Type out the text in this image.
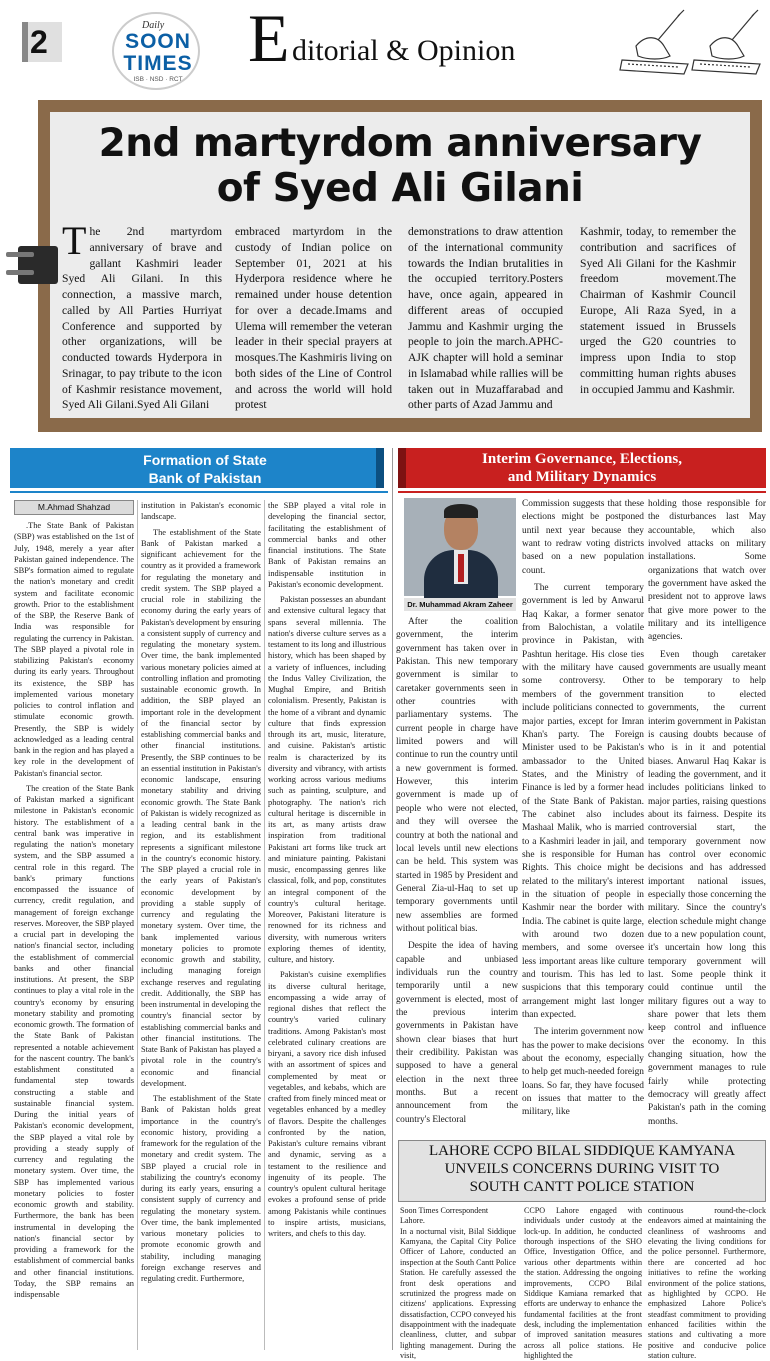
2	Daily
SOON
TIMES
ISB · NSD · RCT
E ditorial & Opinion
2nd martyrdom anniversary
of Syed Ali Gilani
T he 2nd martyrdom anniversary of brave and gallant Kashmiri leader Syed Ali Gilani. In this connection, a massive march, called by All Parties Hurriyat Conference and supported by other organizations, will be conducted towards Hyderpora in Srinagar, to pay tribute to the icon of Kashmir resistance movement, Syed Ali Gilani.Syed Ali Gilani

embraced martyrdom in the custody of Indian police on September 01, 2021 at his Hyderpora residence where he remained under house detention for over a decade.Imams and Ulema will remember the veteran leader in their special prayers at mosques.The Kashmiris living on both sides of the Line of Control and across the world will hold protest

demonstrations to draw attention of the international community towards the Indian brutalities in the occupied territory.Posters have, once again, appeared in different areas of occupied Jammu and Kashmir urging the people to join the march.APHC-AJK chapter will hold a seminar in Islamabad while rallies will be taken out in Muzaffarabad and other parts of Azad Jammu and

Kashmir, today, to remember the contribution and sacrifices of Syed Ali Gilani for the Kashmir freedom movement.The Chairman of Kashmir Council Europe, Ali Raza Syed, in a statement issued in Brussels urged the G20 countries to impress upon India to stop committing human rights abuses in occupied Jammu and Kashmir.

Formation of State
Bank of Pakistan
M.Ahmad Shahzad

.The State Bank of Pakistan (SBP) was established on the 1st of July, 1948, merely a year after Pakistan gained independence. The SBP's formation aimed to regulate the nation's monetary and credit system and facilitate economic growth. Prior to the establishment of the SBP, the Reserve Bank of India was responsible for regulating the currency in Pakistan. The SBP played a pivotal role in stabilizing Pakistan's economy during its early years. Throughout its existence, the SBP has implemented various monetary policies to control inflation and stimulate economic growth. Presently, the SBP is widely acknowledged as a leading central bank in the region and has played a key role in the development of Pakistan's financial sector.

The creation of the State Bank of Pakistan marked a significant milestone in Pakistan's economic history. The establishment of a central bank was imperative in regulating the nation's monetary system, and the SBP assumed a central role in this regard. The bank's primary functions encompassed the issuance of currency, credit regulation, and management of foreign exchange reserves. Moreover, the SBP played a crucial part in developing the nation's financial sector, including the establishment of commercial banks and other financial institutions. At present, the SBP continues to play a vital role in the country's economy by ensuring monetary stability and promoting economic growth. The formation of the State Bank of Pakistan represented a notable achievement for the nascent country. The bank's establishment constituted a fundamental step towards constructing a stable and sustainable financial system. During the initial years of Pakistan's economic development, the SBP played a vital role by providing a steady supply of currency and regulating the monetary system. Over time, the SBP has implemented various monetary policies to foster economic growth and stability. Furthermore, the bank has been instrumental in developing the nation's financial sector by providing a framework for the establishment of commercial banks and other financial institutions. Today, the SBP remains an indispensable

institution in Pakistan's economic landscape.

The establishment of the State Bank of Pakistan marked a significant achievement for the country as it provided a framework for regulating the monetary and credit system. The SBP played a crucial role in stabilizing the economy during the early years of Pakistan's development by ensuring a consistent supply of currency and regulating the monetary system. Over time, the bank implemented various monetary policies aimed at controlling inflation and promoting sustainable economic growth. In addition, the SBP played an important role in the development of the financial sector by establishing commercial banks and other financial institutions. Presently, the SBP continues to be an essential institution in Pakistan's economic landscape, ensuring monetary stability and driving economic growth. The State Bank of Pakistan is widely recognized as a leading central bank in the region, and its establishment represents a significant milestone in the country's economic history. The SBP played a crucial role in the early years of Pakistan's economic development by providing a stable supply of currency and regulating the monetary system. Over time, the bank implemented various monetary policies to promote economic growth and stability, including managing foreign exchange reserves and regulating credit. Additionally, the SBP has been instrumental in developing the country's financial sector by establishing commercial banks and other financial institutions. The State Bank of Pakistan has played a pivotal role in the country's economic and financial development.

The establishment of the State Bank of Pakistan holds great importance in the country's economic history, providing a framework for the regulation of the monetary and credit system. The SBP played a crucial role in stabilizing the country's economy during its early years, ensuring a consistent supply of currency and regulating the monetary system. Over time, the bank implemented various monetary policies to promote economic growth and stability, including managing foreign exchange reserves and regulating credit. Furthermore,

the SBP played a vital role in developing the financial sector, facilitating the establishment of commercial banks and other financial institutions. The State Bank of Pakistan remains an indispensable institution in Pakistan's economic development.

Pakistan possesses an abundant and extensive cultural legacy that spans several millennia. The nation's diverse culture serves as a testament to its long and illustrious history, which has been shaped by a variety of influences, including the Indus Valley Civilization, the Mughal Empire, and British colonialism. Presently, Pakistan is the home of a vibrant and dynamic culture that finds expression through its art, music, literature, and cuisine. Pakistan's artistic realm is characterized by its diversity and vibrancy, with artists working across various mediums such as painting, sculpture, and photography. The nation's rich cultural heritage is discernible in its art, as many artists draw inspiration from traditional Pakistani art forms like truck art and miniature painting. Pakistani music, encompassing genres like classical, folk, and pop, constitutes an integral component of the country's cultural heritage. Moreover, Pakistani literature is renowned for its richness and diversity, with numerous writers exploring themes of identity, culture, and history.

Pakistan's cuisine exemplifies its diverse cultural heritage, encompassing a wide array of regional dishes that reflect the country's varied culinary traditions. Among Pakistan's most celebrated culinary creations are biryani, a savory rice dish infused with an assortment of spices and complemented by meat or vegetables, and kebabs, which are crafted from finely minced meat or vegetables enhanced by a medley of flavors. Despite the challenges confronted by the nation, Pakistan's culture remains vibrant and dynamic, serving as a testament to the resilience and ingenuity of its people. The country's opulent cultural heritage evokes a profound sense of pride among Pakistanis while continues to inspire artists, musicians, writers, and chefs to this day.

Interim Governance, Elections,
and Military Dynamics
Dr. Muhammad Akram Zaheer

After the coalition government, the interim government has taken over in Pakistan. This new temporary government is similar to caretaker governments seen in other countries with parliamentary systems. The current people in charge have limited powers and will continue to run the country until a new government is formed. However, this interim government is made up of people who were not elected, and they will oversee the country at both the national and local levels until new elections can be held. This system was started in 1985 by President and General Zia-ul-Haq to set up temporary governments until new assemblies are formed without political bias.

Despite the idea of having capable and unbiased individuals run the country temporarily until a new government is elected, most of the previous interim governments in Pakistan have shown clear biases that hurt their credibility. Pakistan was supposed to have a general election in the next three months. But a recent announcement from the country's Electoral

Commission suggests that these elections might be postponed until next year because they want to redraw voting districts based on a new population count.

The current temporary government is led by Anwarul Haq Kakar, a former senator from Balochistan, a volatile province in Pakistan, with Pashtun heritage. His close ties with the military have caused some controversy. Other members of the government include politicians connected to major parties, except for Imran Khan's party. The Foreign Minister used to be Pakistan's ambassador to the United States, and the Ministry of Finance is led by a former head of the State Bank of Pakistan. The cabinet also includes Mashaal Malik, who is married to a Kashmiri leader in jail, and she is responsible for Human Rights. This choice might be related to the military's interest in the situation of people in Kashmir near the border with India. The cabinet is quite large, with around two dozen members, and some oversee less important areas like culture and tourism. This has led to suspicions that this temporary arrangement might last longer than expected.

The interim government now has the power to make decisions about the economy, especially to help get much-needed foreign loans. So far, they have focused on issues that matter to the military, like

holding those responsible for the disturbances last May accountable, which also involved attacks on military installations. Some organizations that watch over the government have asked the president not to approve laws that give more power to the military and its intelligence agencies.

Even though caretaker governments are usually meant to be temporary to help transition to elected governments, the current interim government in Pakistan is causing doubts because of who is in it and potential biases. Anwarul Haq Kakar is leading the government, and it includes politicians linked to major parties, raising questions about its fairness. Despite its controversial start, the temporary government now has control over economic decisions and has addressed important national issues, especially those concerning the military. Since the country's election schedule might change due to a new population count, it's uncertain how long this temporary government will last. Some people think it could continue until the military figures out a way to share power that lets them keep control and influence over the economy. In this changing situation, how the government manages to rule fairly while protecting democracy will greatly affect Pakistan's path in the coming months.

LAHORE CCPO BILAL SIDDIQUE KAMYANA
UNVEILS CONCERNS DURING VISIT TO
SOUTH CANTT POLICE STATION

Soon Times Correspondent

Lahore.

In a nocturnal visit, Bilal Siddique Kamyana, the Capital City Police Officer of Lahore, conducted an inspection at the South Cantt Police Station. He carefully assessed the front desk operations and scrutinized the progress made on citizens' applications. Expressing dissatisfaction, CCPO conveyed his disappointment with the inadequate cleanliness, clutter, and subpar lighting management. During the visit,

CCPO Lahore engaged with individuals under custody at the lock-up. In addition, he conducted thorough inspections of the SHO Office, Investigation Office, and various other departments within the station. Addressing the ongoing improvements, CCPO Bilal Siddique Kamiana remarked that efforts are underway to enhance the fundamental facilities at the front desk, including the implementation of improved sanitation measures across all police stations. He highlighted the

continuous round-the-clock endeavors aimed at maintaining the cleanliness of washrooms and elevating the living conditions for the police personnel. Furthermore, there are concerted ad hoc initiatives to refine the working environment of the police stations, as highlighted by CCPO. He emphasized Lahore Police's steadfast commitment to providing enhanced facilities within the stations and cultivating a more positive and conducive police station culture.
